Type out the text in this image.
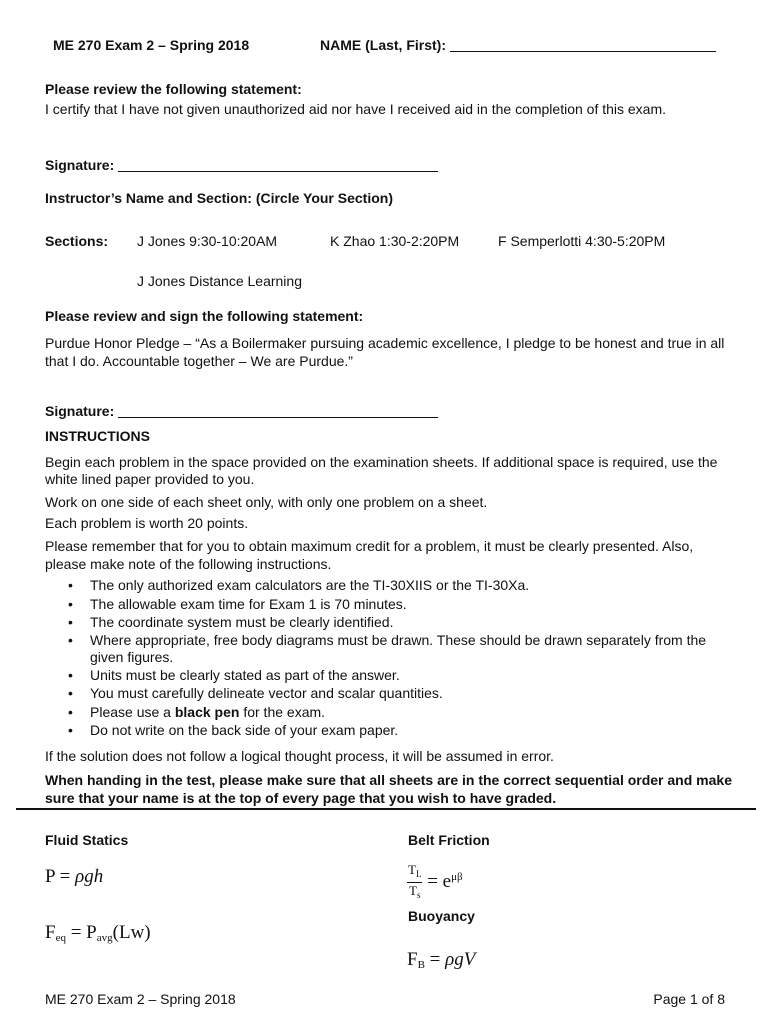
ME 270 Exam 2 – Spring 2018	NAME (Last, First):
Please review the following statement:
I certify that I have not given unauthorized aid nor have I received aid in the completion of this exam.
Signature:
Instructor’s Name and Section: (Circle Your Section)
Sections: J Jones 9:30-10:20AM	K Zhao 1:30-2:20PM	F Semperlotti 4:30-5:20PM
J Jones Distance Learning
Please review and sign the following statement:
Purdue Honor Pledge – “As a Boilermaker pursuing academic excellence, I pledge to be honest and true in all that I do. Accountable together – We are Purdue.”
Signature:
INSTRUCTIONS
Begin each problem in the space provided on the examination sheets. If additional space is required, use the white lined paper provided to you.
Work on one side of each sheet only, with only one problem on a sheet.
Each problem is worth 20 points.
Please remember that for you to obtain maximum credit for a problem, it must be clearly presented. Also, please make note of the following instructions.
• The only authorized exam calculators are the TI-30XIIS or the TI-30Xa.
• The allowable exam time for Exam 1 is 70 minutes.
• The coordinate system must be clearly identified.
• Where appropriate, free body diagrams must be drawn. These should be drawn separately from the given figures.
• Units must be clearly stated as part of the answer.
• You must carefully delineate vector and scalar quantities.
• Please use a black pen for the exam.
• Do not write on the back side of your exam paper.
If the solution does not follow a logical thought process, it will be assumed in error.
When handing in the test, please make sure that all sheets are in the correct sequential order and make sure that your name is at the top of every page that you wish to have graded.
Fluid Statics	Belt Friction
P = ρgh
$F_{eq} = P_{avg}(Lw)$
$\frac{T_L}{T_s} = e^{\mu\beta}$
Buoyancy
$F_B = \rho gV$
ME 270 Exam 2 – Spring 2018	Page 1 of 8
